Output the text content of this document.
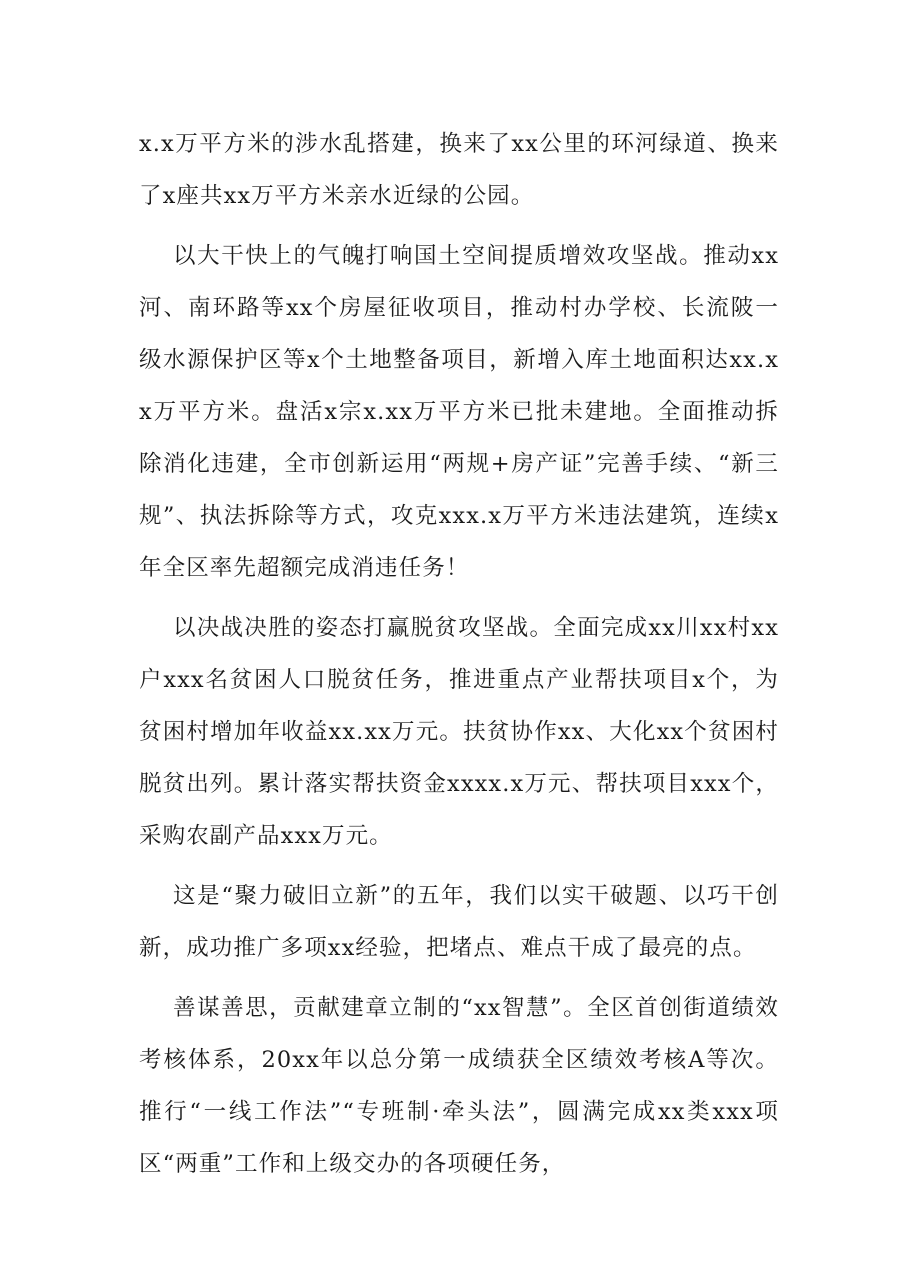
x.x万平方米的涉水乱搭建，换来了xx公里的环河绿道、换来了x座共xx万平方米亲水近绿的公园。

以大干快上的气魄打响国土空间提质增效攻坚战。推动xx河、南环路等xx个房屋征收项目，推动村办学校、长流陂一级水源保护区等x个土地整备项目，新增入库土地面积达xx.xx万平方米。盘活x宗x.xx万平方米已批未建地。全面推动拆除消化违建，全市创新运用“两规+房产证”完善手续、“新三规”、执法拆除等方式，攻克xxx.x万平方米违法建筑，连续x年全区率先超额完成消违任务！

以决战决胜的姿态打赢脱贫攻坚战。全面完成xx川xx村xx户xxx名贫困人口脱贫任务，推进重点产业帮扶项目x个，为贫困村增加年收益xx.xx万元。扶贫协作xx、大化xx个贫困村脱贫出列。累计落实帮扶资金xxxx.x万元、帮扶项目xxx个，采购农副产品xxx万元。

这是“聚力破旧立新”的五年，我们以实干破题、以巧干创新，成功推广多项xx经验，把堵点、难点干成了最亮的点。

善谋善思，贡献建章立制的“xx智慧”。全区首创街道绩效考核体系，20xx年以总分第一成绩获全区绩效考核A等次。推行“一线工作法”“专班制·牵头法”，圆满完成xx类xxx项区“两重”工作和上级交办的各项硬任务，
